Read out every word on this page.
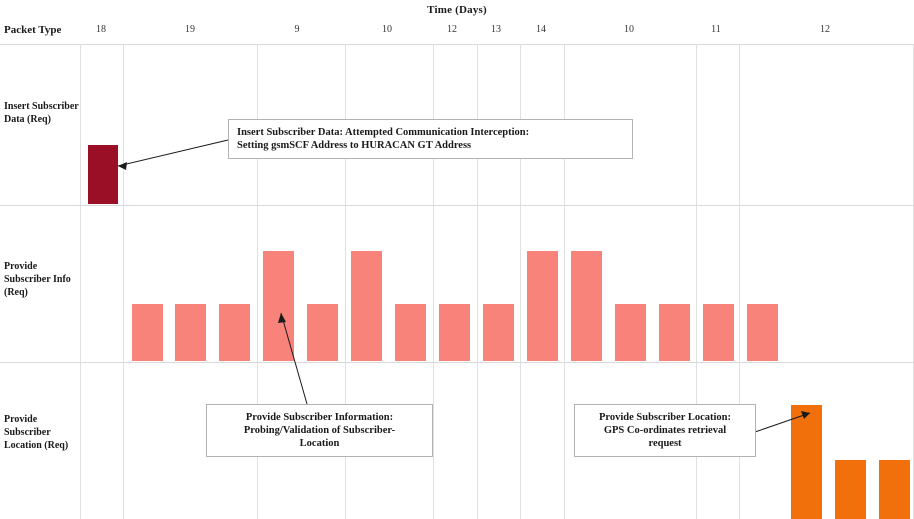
Time (Days)
Packet Type	18	19	9	10	12	13	14	10	11	12
Insert Subscriber Data (Req)
Provide Subscriber Info (Req)
Provide Subscriber Location (Req)
Insert Subscriber Data: Attempted Communication Interception:
Setting gsmSCF Address to HURACAN GT Address
Provide Subscriber Information:
Probing/Validation of Subscriber-
Location
Provide Subscriber Location:
GPS Co-ordinates retrieval
request
